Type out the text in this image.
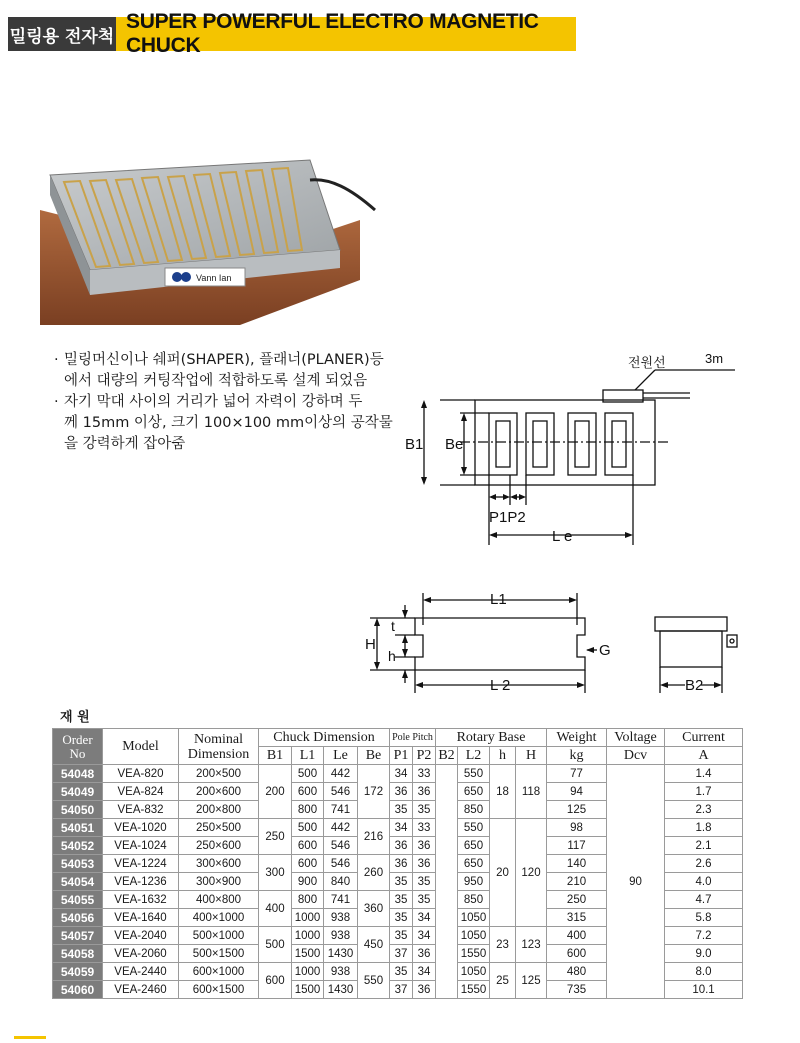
밀링용 전자척
SUPER POWERFUL ELECTRO MAGNETIC CHUCK
Vann Ian
· 밀링머신이나 쉐퍼(SHAPER), 플래너(PLANER)등
에서 대량의 커팅작업에 적합하도록 설계 되었음
· 자기 막대 사이의 거리가 넓어 자력이 강하며 두
께 15mm 이상, 크기 100×100 mm이상의 공작물
을 강력하게 잡아줌	B1 Be
전원선	3m
P1P2
L e
L1
L 2
t
H
h	G
B2
재 원
Order No	Model	Nominal Dimension	Chuck Dimension				Pole Pitch		Rotary Base				Weight	Voltage	Current
			B1	L1	Le	Be	P1	P2	B2	L2	h	H	kg	Dcv	A
54048	VEA-820	200×500	200	500	442	172	34	33		550	18	118	77	90	1.4
54049	VEA-824	200×600		600	546		36	36		650			94		1.7
54050	VEA-832	200×800		800	741		35	35		850			125		2.3
54051	VEA-1020	250×500	250	500	442	216	34	33		550	20	120	98		1.8
54052	VEA-1024	250×600		600	546		36	36		650			117		2.1
54053	VEA-1224	300×600	300	600	546	260	36	36		650			140		2.6
54054	VEA-1236	300×900		900	840		35	35		950			210		4.0
54055	VEA-1632	400×800	400	800	741	360	35	35		850			250		4.7
54056	VEA-1640	400×1000		1000	938		35	34		1050			315		5.8
54057	VEA-2040	500×1000	500	1000	938	450	35	34		1050	23	123	400		7.2
54058	VEA-2060	500×1500		1500	1430		37	36		1550			600		9.0
54059	VEA-2440	600×1000	600	1000	938	550	35	34		1050	25	125	480		8.0
54060	VEA-2460	600×1500		1500	1430		37	36		1550			735		10.1
